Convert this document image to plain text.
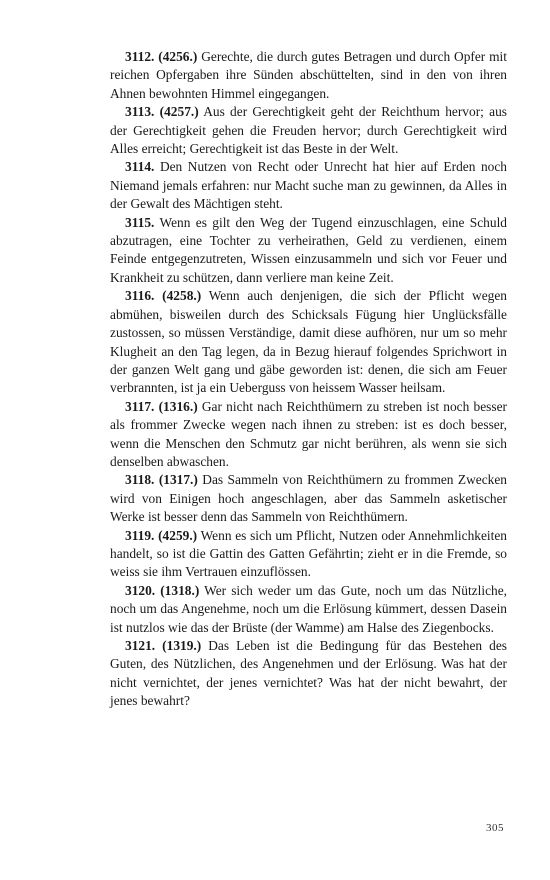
3112. (4256.) Gerechte, die durch gutes Betragen und durch Opfer mit reichen Opfergaben ihre Sünden abschüttelten, sind in den von ihren Ahnen bewohnten Himmel eingegangen.

3113. (4257.) Aus der Gerechtigkeit geht der Reichthum hervor; aus der Gerechtigkeit gehen die Freuden hervor; durch Gerechtigkeit wird Alles erreicht; Gerechtigkeit ist das Beste in der Welt.

3114. Den Nutzen von Recht oder Unrecht hat hier auf Erden noch Niemand jemals erfahren: nur Macht suche man zu gewinnen, da Alles in der Gewalt des Mächtigen steht.

3115. Wenn es gilt den Weg der Tugend einzuschlagen, eine Schuld abzutragen, eine Tochter zu verheirathen, Geld zu verdienen, einem Feinde entgegenzutreten, Wissen einzusammeln und sich vor Feuer und Krankheit zu schützen, dann verliere man keine Zeit.

3116. (4258.) Wenn auch denjenigen, die sich der Pflicht wegen abmühen, bisweilen durch des Schicksals Fügung hier Unglücksfälle zustossen, so müssen Verständige, damit diese aufhören, nur um so mehr Klugheit an den Tag legen, da in Bezug hierauf folgendes Sprichwort in der ganzen Welt gang und gäbe geworden ist: denen, die sich am Feuer verbrannten, ist ja ein Ueberguss von heissem Wasser heilsam.

3117. (1316.) Gar nicht nach Reichthümern zu streben ist noch besser als frommer Zwecke wegen nach ihnen zu streben: ist es doch besser, wenn die Menschen den Schmutz gar nicht berühren, als wenn sie sich denselben abwaschen.

3118. (1317.) Das Sammeln von Reichthümern zu frommen Zwecken wird von Einigen hoch angeschlagen, aber das Sammeln asketischer Werke ist besser denn das Sammeln von Reichthümern.

3119. (4259.) Wenn es sich um Pflicht, Nutzen oder Annehmlichkeiten handelt, so ist die Gattin des Gatten Gefährtin; zieht er in die Fremde, so weiss sie ihm Vertrauen einzuflössen.

3120. (1318.) Wer sich weder um das Gute, noch um das Nützliche, noch um das Angenehme, noch um die Erlösung kümmert, dessen Dasein ist nutzlos wie das der Brüste (der Wamme) am Halse des Ziegenbocks.

3121. (1319.) Das Leben ist die Bedingung für das Bestehen des Guten, des Nützlichen, des Angenehmen und der Erlösung. Was hat der nicht vernichtet, der jenes vernichtet? Was hat der nicht bewahrt, der jenes bewahrt?

305
